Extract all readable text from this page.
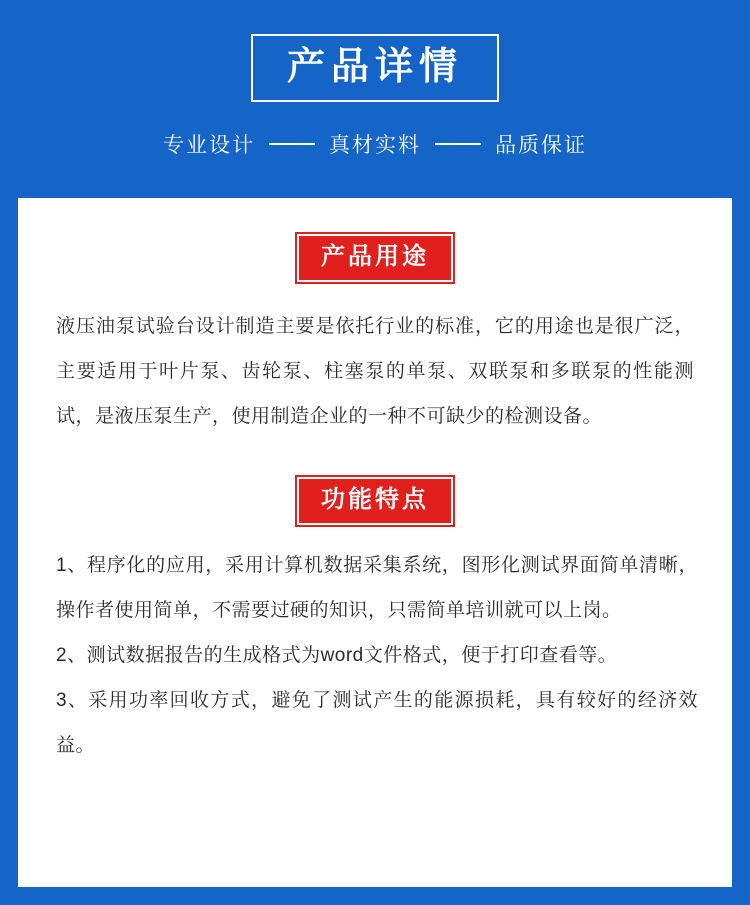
产品详情
专业设计	真材实料	品质保证
产品用途
液压油泵试验台设计制造主要是依托行业的标准，它的用途也是很广泛，主要适用于叶片泵、齿轮泵、柱塞泵的单泵、双联泵和多联泵的性能测试，是液压泵生产，使用制造企业的一种不可缺少的检测设备。
功能特点
1、程序化的应用，采用计算机数据采集系统，图形化测试界面简单清晰，操作者使用简单，不需要过硬的知识，只需简单培训就可以上岗。
2、测试数据报告的生成格式为word文件格式，便于打印查看等。
3、采用功率回收方式，避免了测试产生的能源损耗，具有较好的经济效益。
